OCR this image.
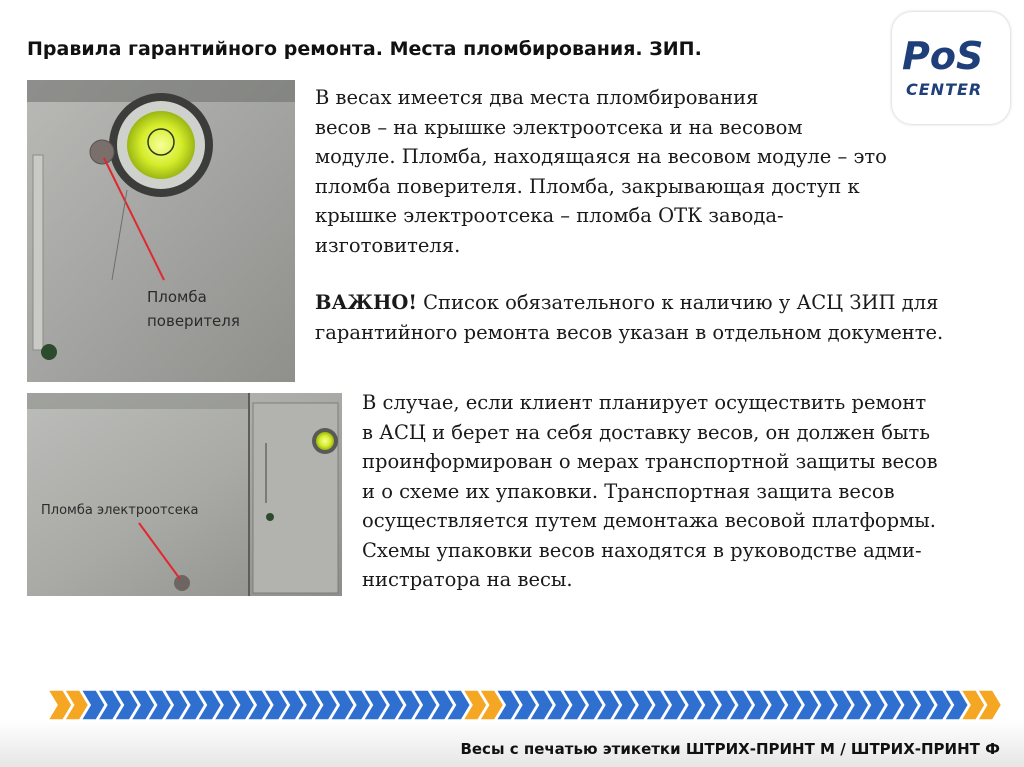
Правила гарантийного ремонта. Места пломбирования. ЗИП.	PoS
CENTER
Пломба
поверителя
Пломба электроотсека
В весах имеется два места пломбирования
весов – на крышке электроотсека и на весовом
модуле. Пломба, находящаяся на весовом модуле – это
пломба поверителя. Пломба, закрывающая доступ к
крышке электроотсека – пломба ОТК завода-
изготовителя.
ВАЖНО! Список обязательного к наличию у АСЦ ЗИП для
гарантийного ремонта весов указан в отдельном документе.
В случае, если клиент планирует осуществить ремонт
в АСЦ и берет на себя доставку весов, он должен быть
проинформирован о мерах транспортной защиты весов
и о схеме их упаковки. Транспортная защита весов
осуществляется путем демонтажа весовой платформы.
Схемы упаковки весов находятся в руководстве адми-
нистратора на весы.
Весы с печатью этикетки ШТРИХ-ПРИНТ М / ШТРИХ-ПРИНТ Ф
